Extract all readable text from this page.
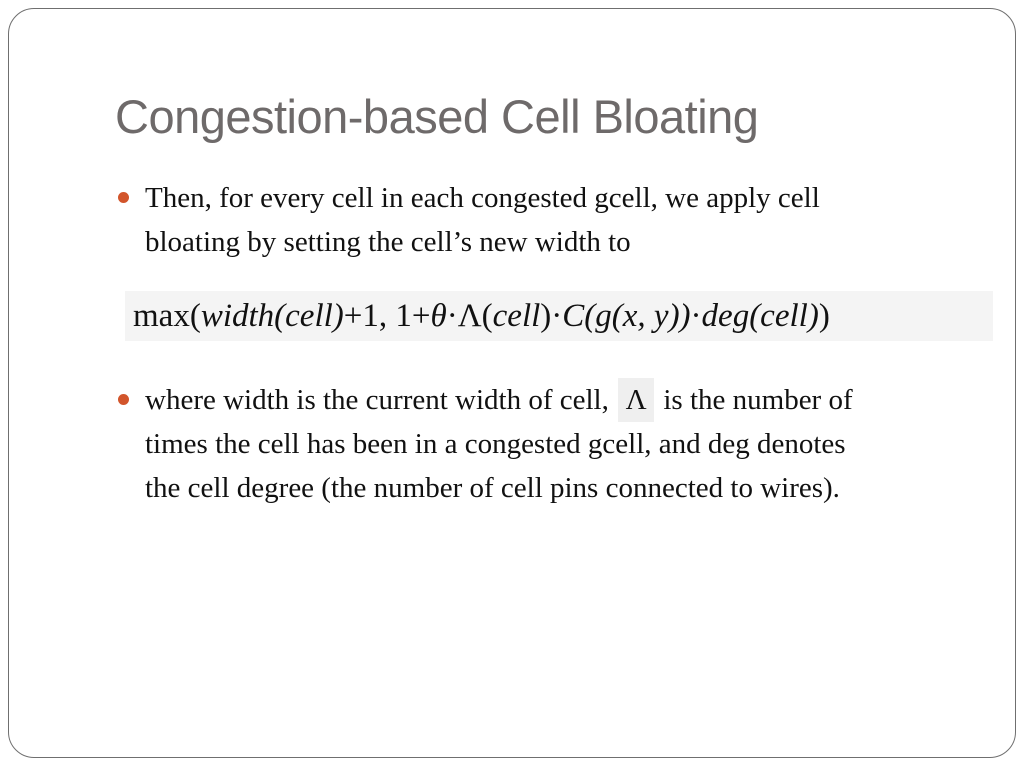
Congestion-based Cell Bloating
Then, for every cell in each congested gcell, we apply cell
bloating by setting the cell’s new width to
max(width(cell)+1, 1+θ·Λ(cell)·C(g(x, y))·deg(cell))
where width is the current width of cell, Λ is the number of
times the cell has been in a congested gcell, and deg denotes
the cell degree (the number of cell pins connected to wires).
